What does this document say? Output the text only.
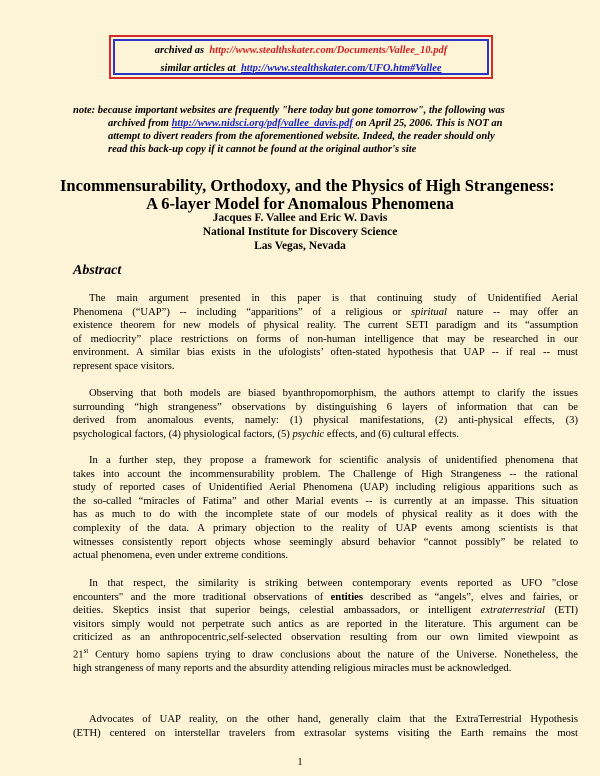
archived as http://www.stealthskater.com/Documents/Vallee_10.pdf
similar articles at http://www.stealthskater.com/UFO.htm#Vallee
note: because important websites are frequently "here today but gone tomorrow", the following was
archived from http://www.nidsci.org/pdf/vallee_davis.pdf on April 25, 2006. This is NOT an
attempt to divert readers from the aforementioned website. Indeed, the reader should only
read this back-up copy if it cannot be found at the original author's site
Incommensurability, Orthodoxy, and the Physics of High Strangeness:
A 6-layer Model for Anomalous Phenomena
Jacques F. Vallee and Eric W. Davis
National Institute for Discovery Science
Las Vegas, Nevada
Abstract
The main argument presented in this paper is that continuing study of Unidentified Aerial
Phenomena (“UAP”) -- including “apparitions” of a religious or spiritual nature -- may offer an
existence theorem for new models of physical reality. The current SETI paradigm and its “assumption
of mediocrity” place restrictions on forms of non-human intelligence that may be researched in our
environment. A similar bias exists in the ufologists’ often-stated hypothesis that UAP -- if real -- must
represent space visitors.
Observing that both models are biased byanthropomorphism, the authors attempt to clarify the issues
surrounding “high strangeness” observations by distinguishing 6 layers of information that can be
derived from anomalous events, namely: (1) physical manifestations, (2) anti-physical effects, (3)
psychological factors, (4) physiological factors, (5) psychic effects, and (6) cultural effects.
In a further step, they propose a framework for scientific analysis of unidentified phenomena that
takes into account the incommensurability problem. The Challenge of High Strangeness -- the rational
study of reported cases of Unidentified Aerial Phenomena (UAP) including religious apparitions such as
the so-called “miracles of Fatima” and other Marial events -- is currently at an impasse. This situation
has as much to do with the incomplete state of our models of physical reality as it does with the
complexity of the data. A primary objection to the reality of UAP events among scientists is that
witnesses consistently report objects whose seemingly absurd behavior “cannot possibly” be related to
actual phenomena, even under extreme conditions.
In that respect, the similarity is striking between contemporary events reported as UFO "close
encounters" and the more traditional observations of entities described as “angels”, elves and fairies, or
deities. Skeptics insist that superior beings, celestial ambassadors, or intelligent extraterrestrial (ETI)
visitors simply would not perpetrate such antics as are reported in the literature. This argument can be
criticized as an anthropocentric,self-selected observation resulting from our own limited viewpoint as
21st Century homo sapiens trying to draw conclusions about the nature of the Universe. Nonetheless, the
high strangeness of many reports and the absurdity attending religious miracles must be acknowledged.
Advocates of UAP reality, on the other hand, generally claim that the ExtraTerrestrial Hypothesis
(ETH) centered on interstellar travelers from extrasolar systems visiting the Earth remains the most
1
